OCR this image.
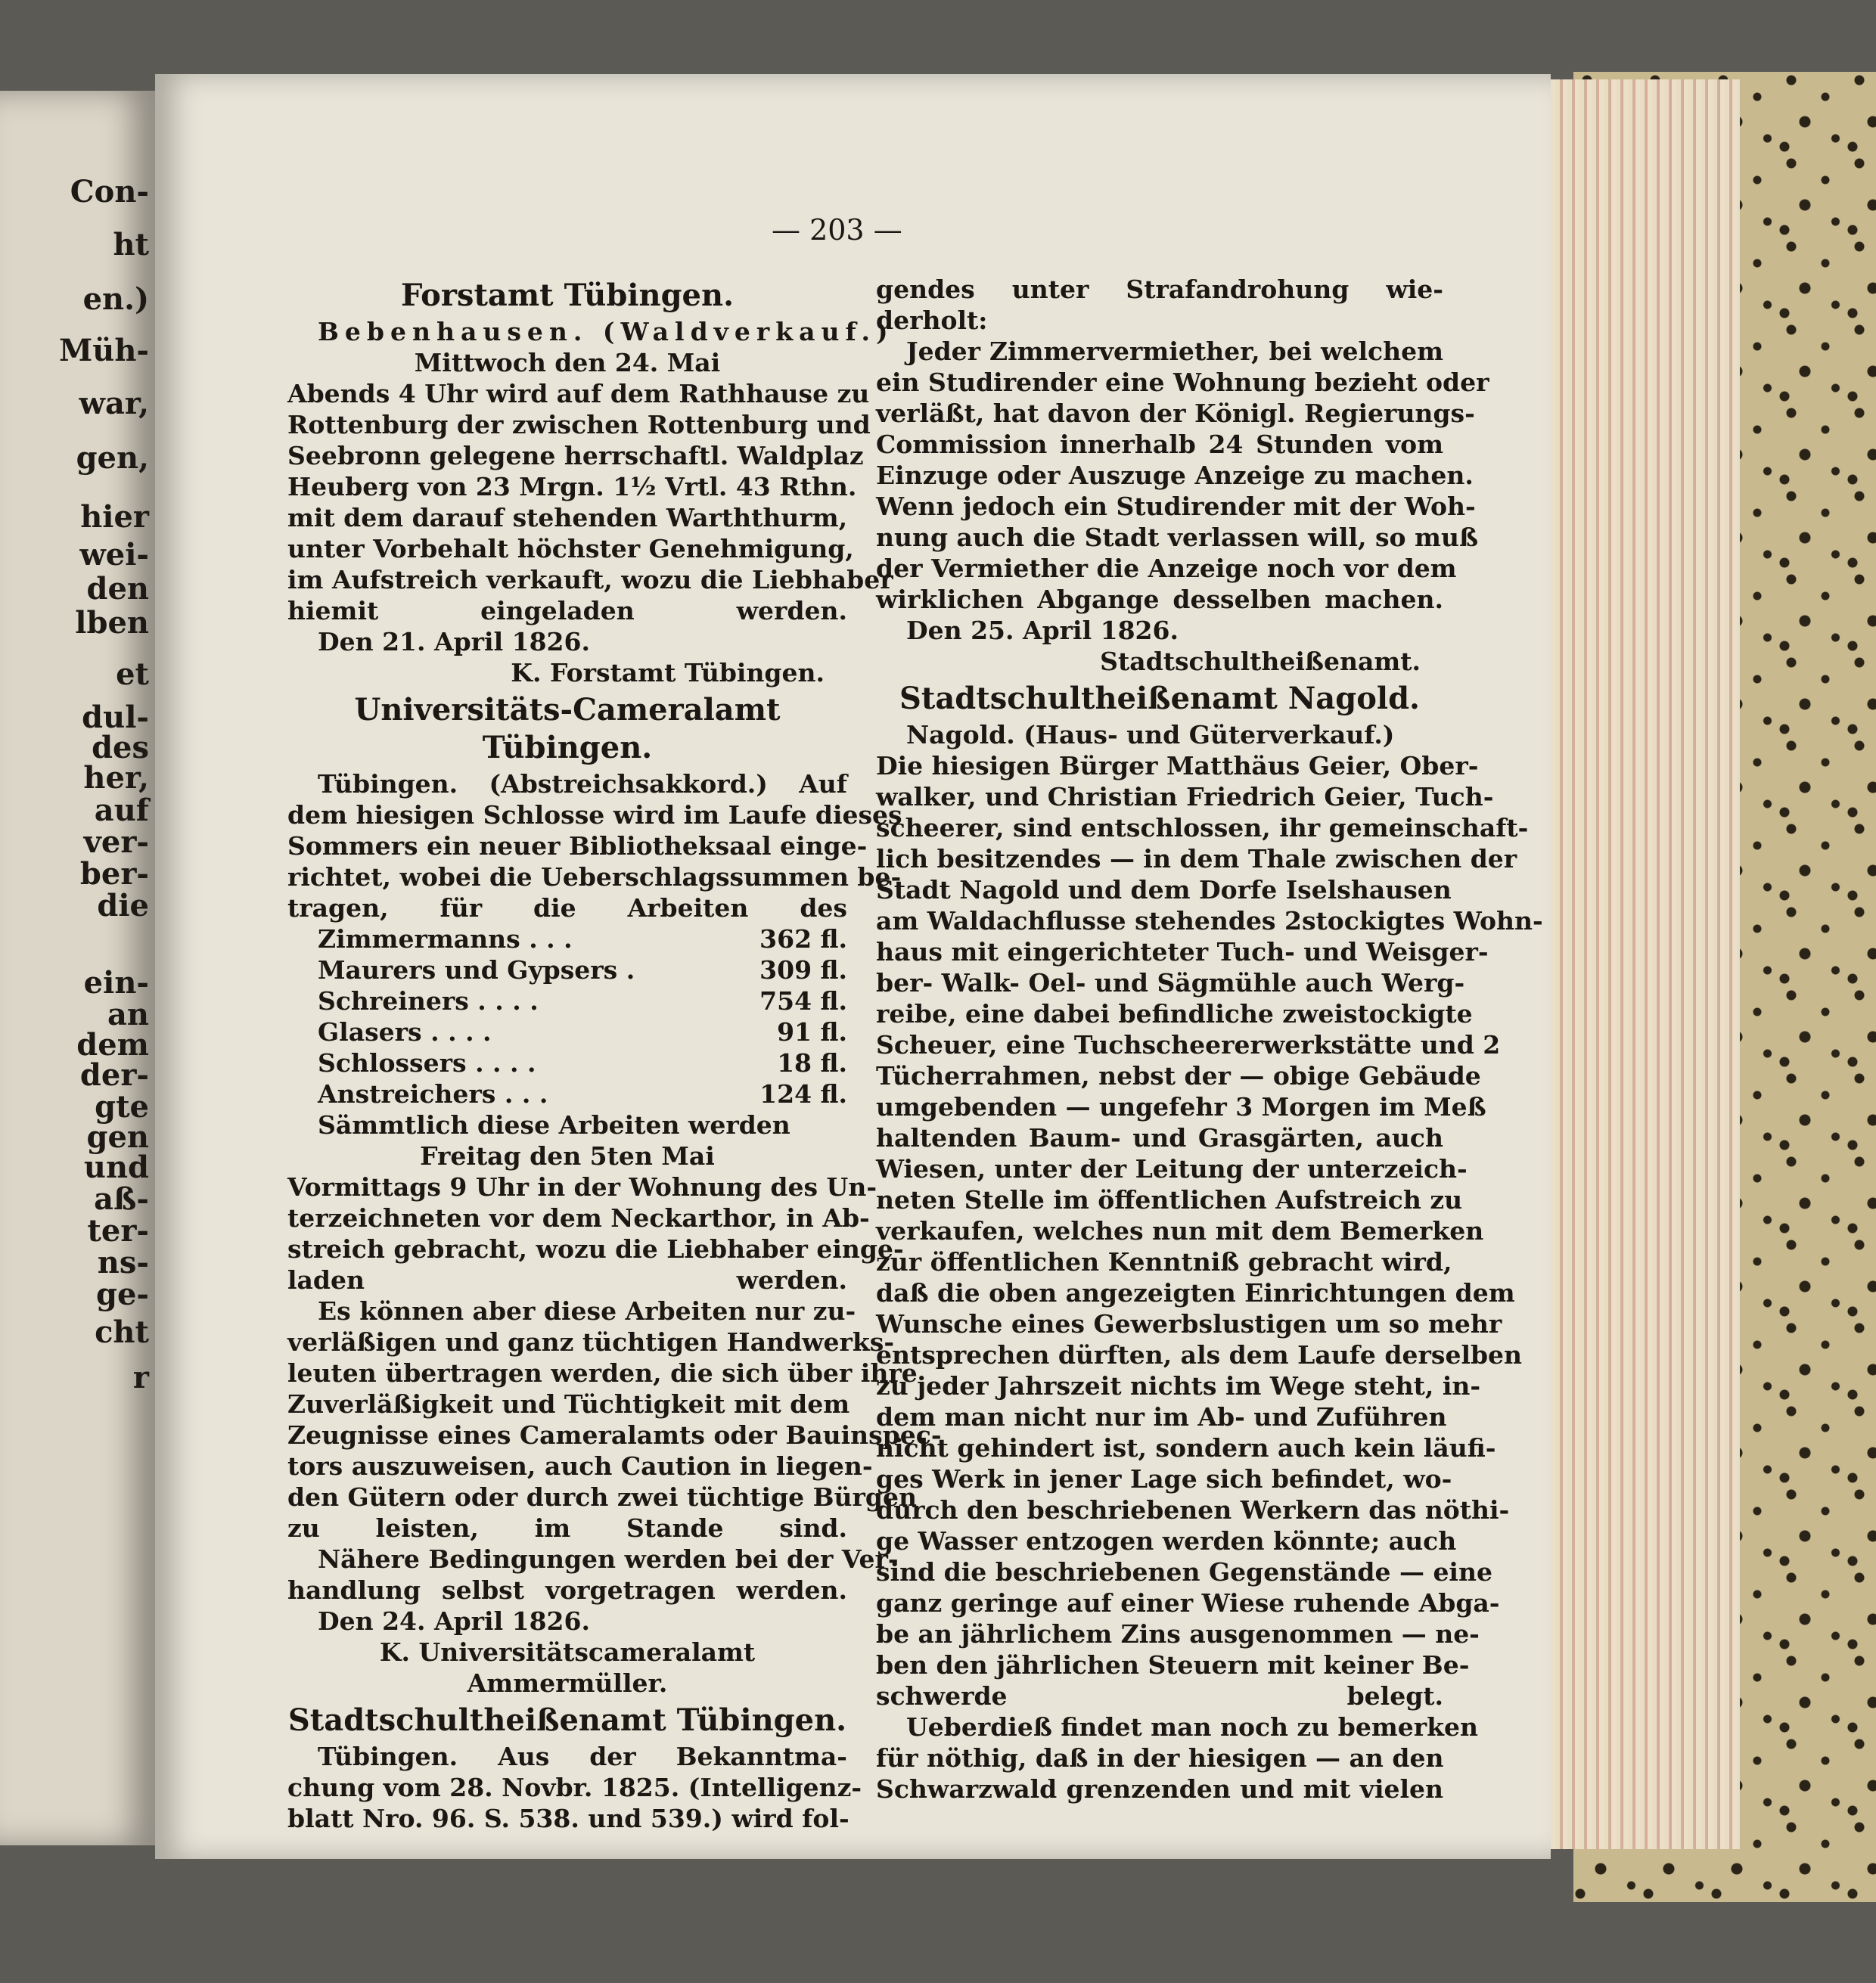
Con-
ht
en.)
Müh-
war,
gen,
hier
wei-
den
lben
et
dul-
des
her,
auf
ver-
ber-
die
ein-
an
dem
der-
gte
gen
und
aß-
ter-
ns-
ge-
cht
r
— 203 —
Forstamt Tübingen.
Bebenhausen. (Waldverkauf.)
Mittwoch den 24. Mai
Abends 4 Uhr wird auf dem Rathhause zu
Rottenburg der zwischen Rottenburg und
Seebronn gelegene herrschaftl. Waldplaz
Heuberg von 23 Mrgn. 1½ Vrtl. 43 Rthn.
mit dem darauf stehenden Warththurm,
unter Vorbehalt höchster Genehmigung,
im Aufstreich verkauft, wozu die Liebhaber
hiemit eingeladen werden.
Den 21. April 1826.
K. Forstamt Tübingen.
Universitäts-Cameralamt Tübingen.
Tübingen. (Abstreichsakkord.) Auf
dem hiesigen Schlosse wird im Laufe dieses
Sommers ein neuer Bibliotheksaal einge-
richtet, wobei die Ueberschlagssummen be-
tragen, für die Arbeiten des
Zimmermanns . . .	362 fl.
Maurers und Gypsers .	309 fl.
Schreiners . . . .	754 fl.
Glasers . . . .	91 fl.
Schlossers . . . .	18 fl.
Anstreichers . . .	124 fl.
Sämmtlich diese Arbeiten werden
Freitag den 5ten Mai
Vormittags 9 Uhr in der Wohnung des Un-
terzeichneten vor dem Neckarthor, in Ab-
streich gebracht, wozu die Liebhaber einge-
laden werden.
Es können aber diese Arbeiten nur zu-
verläßigen und ganz tüchtigen Handwerks-
leuten übertragen werden, die sich über ihre
Zuverläßigkeit und Tüchtigkeit mit dem
Zeugnisse eines Cameralamts oder Bauinspec-
tors auszuweisen, auch Caution in liegen-
den Gütern oder durch zwei tüchtige Bürgen
zu leisten, im Stande sind.
Nähere Bedingungen werden bei der Ver-
handlung selbst vorgetragen werden.
Den 24. April 1826.
K. Universitätscameralamt
Ammermüller.
Stadtschultheißenamt Tübingen.
Tübingen. Aus der Bekanntma-
chung vom 28. Novbr. 1825. (Intelligenz-
blatt Nro. 96. S. 538. und 539.) wird fol-
gendes unter Strafandrohung wie-
derholt:
Jeder Zimmervermiether, bei welchem
ein Studirender eine Wohnung bezieht oder
verläßt, hat davon der Königl. Regierungs-
Commission innerhalb 24 Stunden vom
Einzuge oder Auszuge Anzeige zu machen.
Wenn jedoch ein Studirender mit der Woh-
nung auch die Stadt verlassen will, so muß
der Vermiether die Anzeige noch vor dem
wirklichen Abgange desselben machen.
Den 25. April 1826.
Stadtschultheißenamt.
Stadtschultheißenamt Nagold.
Nagold. (Haus- und Güterverkauf.)
Die hiesigen Bürger Matthäus Geier, Ober-
walker, und Christian Friedrich Geier, Tuch-
scheerer, sind entschlossen, ihr gemeinschaft-
lich besitzendes — in dem Thale zwischen der
Stadt Nagold und dem Dorfe Iselshausen
am Waldachflusse stehendes 2stockigtes Wohn-
haus mit eingerichteter Tuch- und Weisger-
ber- Walk- Oel- und Sägmühle auch Werg-
reibe, eine dabei befindliche zweistockigte
Scheuer, eine Tuchscheererwerkstätte und 2
Tücherrahmen, nebst der — obige Gebäude
umgebenden — ungefehr 3 Morgen im Meß
haltenden Baum- und Grasgärten, auch
Wiesen, unter der Leitung der unterzeich-
neten Stelle im öffentlichen Aufstreich zu
verkaufen, welches nun mit dem Bemerken
zur öffentlichen Kenntniß gebracht wird,
daß die oben angezeigten Einrichtungen dem
Wunsche eines Gewerbslustigen um so mehr
entsprechen dürften, als dem Laufe derselben
zu jeder Jahrszeit nichts im Wege steht, in-
dem man nicht nur im Ab- und Zuführen
nicht gehindert ist, sondern auch kein läufi-
ges Werk in jener Lage sich befindet, wo-
durch den beschriebenen Werkern das nöthi-
ge Wasser entzogen werden könnte; auch
sind die beschriebenen Gegenstände — eine
ganz geringe auf einer Wiese ruhende Abga-
be an jährlichem Zins ausgenommen — ne-
ben den jährlichen Steuern mit keiner Be-
schwerde belegt.
Ueberdieß findet man noch zu bemerken
für nöthig, daß in der hiesigen — an den
Schwarzwald grenzenden und mit vielen
